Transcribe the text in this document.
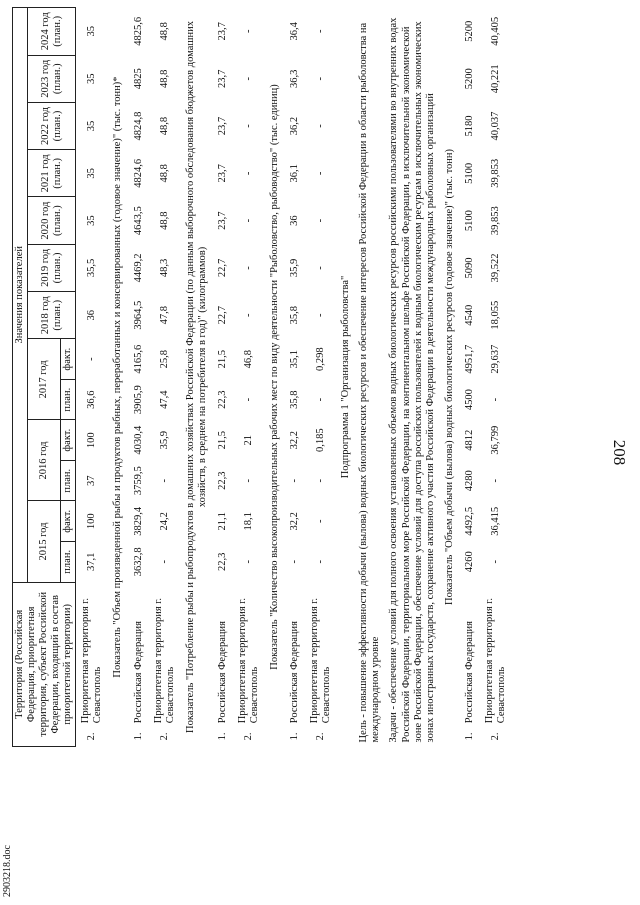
208
2903218.doc
Территория (Российская Федерация, приоритетная территория, субъект Российской Федерации, входящий в состав приоритетной территории)		Значения показателей												
		2015 год		2016 год		2017 год		2018 год (план.)	2019 год (план.)	2020 год (план.)	2021 год (план.)	2022 год (план.)	2023 год (план.)	2024 год (план.)
		план.	факт.	план.	факт.	план.	факт.							
2.	Приоритетная территория г. Севастополь	37,1	100	37	100	36,6	-	36	35,5	35	35	35	35	35
Показатель "Объем произведенной рыбы и продуктов рыбных, переработанных и консервированных (годовое значение)" (тыс. тонн)*														
1.	Российская Федерация	3632,8	3829,4	3759,5	4030,4	3905,9	4165,6	3964,5	4469,2	4643,5	4824,6	4824,8	4825	4825,6
2.	Приоритетная территория г. Севастополь	-	24,2	-	35,9	47,4	25,8	47,8	48,3	48,8	48,8	48,8	48,8	48,8
Показатель "Потребление рыбы и рыбопродуктов в домашних хозяйствах Российской Федерации (по данным выборочного обследования бюджетов домашних хозяйств, в среднем на потребителя в год)" (килограммов)														
1.	Российская Федерация	22,3	21,1	22,3	21,5	22,3	21,5	22,7	22,7	23,7	23,7	23,7	23,7	23,7
2.	Приоритетная территория г. Севастополь	-	18,1	-	21	-	46,8	-	-	-	-	-	-	-
Показатель "Количество высокопроизводительных рабочих мест по виду деятельности "Рыболовство, рыбоводство" (тыс. единиц)														
1.	Российская Федерация	-	32,2	-	32,2	35,8	35,1	35,8	35,9	36	36,1	36,2	36,3	36,4
2.	Приоритетная территория г. Севастополь	-	-	-	0,185	-	0,298	-	-	-	-	-	-	-
Подпрограмма 1 "Организация рыболовства"														
Цель - повышение эффективности добычи (вылова) водных биологических ресурсов и обеспечение интересов Российской Федерации в области рыболовства на международном уровне														
Задачи - обеспечение условий для полного освоения установленных объемов водных биологических ресурсов российскими пользователями во внутренних водах Российской Федерации, территориальном море Российской Федерации, на континентальном шельфе Российской Федерации, в исключительной экономической зоне Российской Федерации, обеспечение условий для доступа российских пользователей к водным биологическим ресурсам в исключительных экономических зонах иностранных государств, сохранение активного участия Российской Федерации в деятельности международных рыболовных организаций														
Показатель "Объем добычи (вылова) водных биологических ресурсов (годовое значение)" (тыс. тонн)														
1.	Российская Федерация	4260	4492,5	4280	4812	4500	4951,7	4540	5090	5100	5100	5180	5200	5200
2.	Приоритетная территория г. Севастополь	-	36,415	-	36,799	-	29,637	18,055	39,522	39,853	39,853	40,037	40,221	40,405
